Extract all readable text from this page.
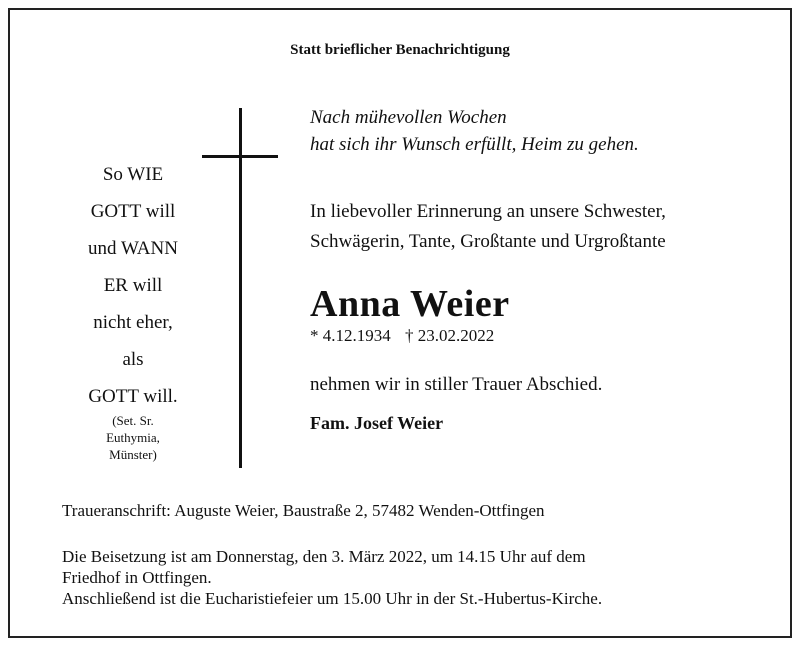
Statt brieflicher Benachrichtigung
So WIE
GOTT will
und WANN
ER will
nicht eher,
als
GOTT will.
(Set. Sr.
Euthymia,
Münster)
Nach mühevollen Wochen
hat sich ihr Wunsch erfüllt, Heim zu gehen.
In liebevoller Erinnerung an unsere Schwester,
Schwägerin, Tante, Großtante und Urgroßtante
Anna Weier
* 4.12.1934 † 23.02.2022
nehmen wir in stiller Trauer Abschied.
Fam. Josef Weier
Traueranschrift: Auguste Weier, Baustraße 2, 57482 Wenden-Ottfingen
Die Beisetzung ist am Donnerstag, den 3. März 2022, um 14.15 Uhr auf dem
Friedhof in Ottfingen.
Anschließend ist die Eucharistiefeier um 15.00 Uhr in der St.-Hubertus-Kirche.
